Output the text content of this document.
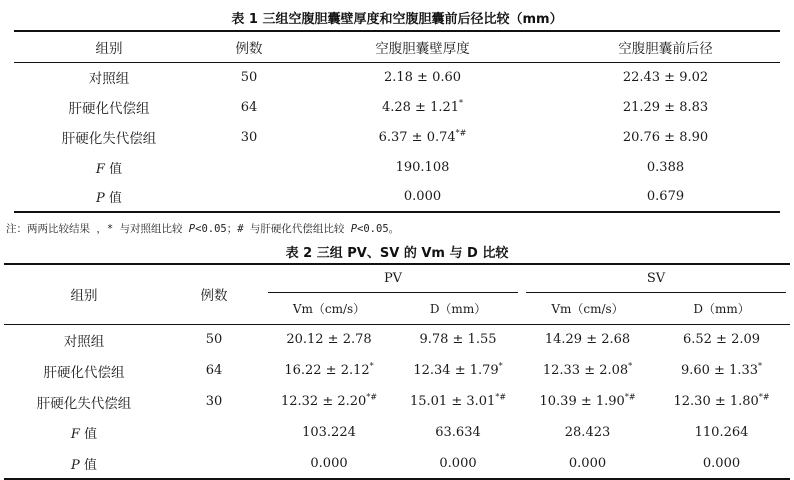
表 1 三组空腹胆囊壁厚度和空腹胆囊前后径比较（mm）
组别	例数	空腹胆囊壁厚度	空腹胆囊前后径
对照组	50	2.18 ± 0.60	22.43 ± 9.02
肝硬化代偿组	64	4.28 ± 1.21*	21.29 ± 8.83
肝硬化失代偿组	30	6.37 ± 0.74*#	20.76 ± 8.90
F 值		190.108	0.388
P 值		0.000	0.679
注：两两比较结果 ，* 与对照组比较 P<0.05；# 与肝硬化代偿组比较 P<0.05。
表 2 三组 PV、SV 的 Vm 与 D 比较
组别	例数	PV		SV	

		Vm（cm/s）	D（mm）	Vm（cm/s）	D（mm）
对照组	50	20.12 ± 2.78	9.78 ± 1.55	14.29 ± 2.68	6.52 ± 2.09
肝硬化代偿组	64	16.22 ± 2.12*	12.34 ± 1.79*	12.33 ± 2.08*	9.60 ± 1.33*
肝硬化失代偿组	30	12.32 ± 2.20*#	15.01 ± 3.01*#	10.39 ± 1.90*#	12.30 ± 1.80*#
F 值		103.224	63.634	28.423	110.264
P 值		0.000	0.000	0.000	0.000
